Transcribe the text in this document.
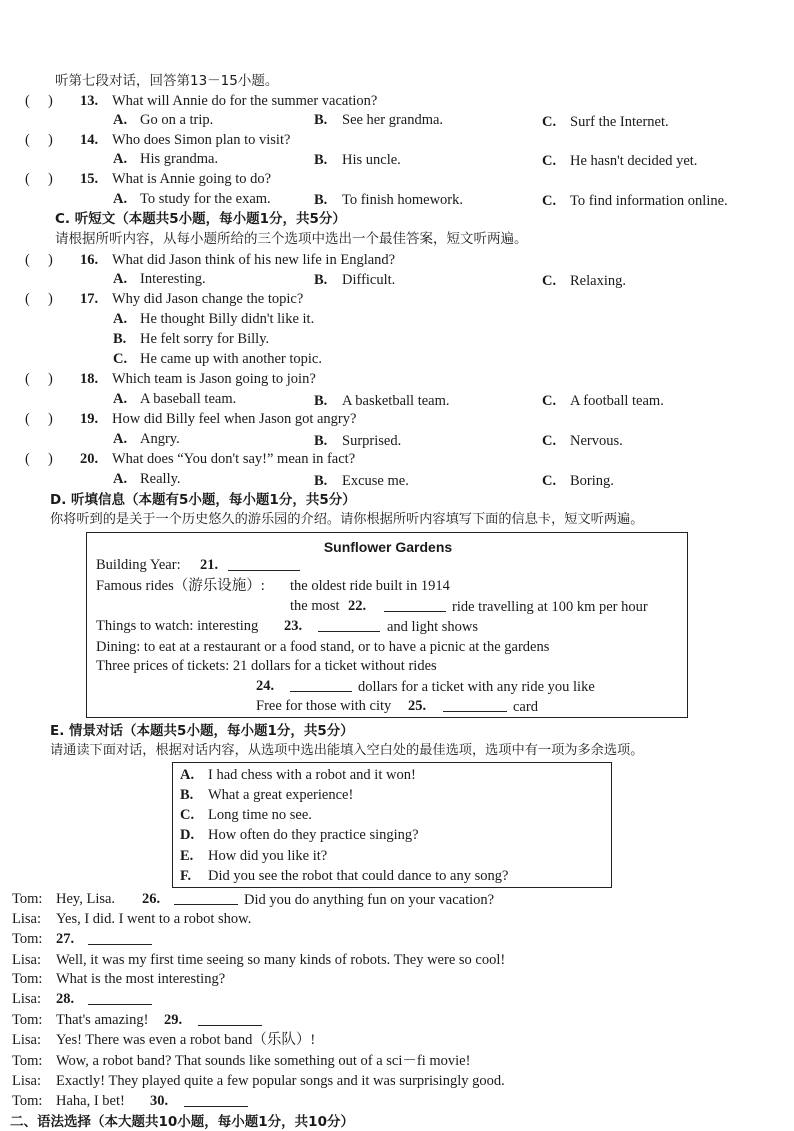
听第七段对话，回答第13－15小题。
(     ) 13. What will Annie do for the summer vacation?
A. Go on a trip.	B. See her grandma.	C. Surf the Internet.
(     ) 14. Who does Simon plan to visit?
A. His grandma.	B. His uncle.	C. He hasn't decided yet.
(     ) 15. What is Annie going to do?
A. To study for the exam.	B. To finish homework.	C. To find information online.
C. 听短文（本题共5小题，每小题1分，共5分）
请根据所听内容，从每小题所给的三个选项中选出一个最佳答案，短文听两遍。
(     ) 16. What did Jason think of his new life in England?
A. Interesting.	B. Difficult.	C. Relaxing.
(     ) 17. Why did Jason change the topic?
A. He thought Billy didn't like it.
B. He felt sorry for Billy.
C. He came up with another topic.
(     ) 18. Which team is Jason going to join?
A. A baseball team.	B. A basketball team.	C. A football team.
(     ) 19. How did Billy feel when Jason got angry?
A. Angry.	B. Surprised.	C. Nervous.
(     ) 20. What does “You don't say!” mean in fact?
A. Really.	B. Excuse me.	C. Boring.
D. 听填信息（本题有5小题，每小题1分，共5分）
你将听到的是关于一个历史悠久的游乐园的介绍。请你根据所听内容填写下面的信息卡，短文听两遍。
Sunflower Gardens
Building Year: 21.
Famous rides（游乐设施）: the oldest ride built in 1914
the most 22.	ride travelling at 100 km per hour
Things to watch: interesting 23.	and light shows
Dining: to eat at a restaurant or a food stand, or to have a picnic at the gardens
Three prices of tickets: 21 dollars for a ticket without rides
24.	dollars for a ticket with any ride you like
Free for those with city 25.	card
E. 情景对话（本题共5小题，每小题1分，共5分）
请通读下面对话，根据对话内容，从选项中选出能填入空白处的最佳选项，选项中有一项为多余选项。
A. I had chess with a robot and it won!
B. What a great experience!
C. Long time no see.
D. How often do they practice singing?
E. How did you like it?
F. Did you see the robot that could dance to any song?
Tom: Hey, Lisa. 26.	Did you do anything fun on your vacation?
Lisa: Yes, I did. I went to a robot show.
Tom: 27.
Lisa: Well, it was my first time seeing so many kinds of robots. They were so cool!
Tom: What is the most interesting?
Lisa: 28.
Tom: That's amazing! 29.
Lisa: Yes! There was even a robot band（乐队）!
Tom: Wow, a robot band? That sounds like something out of a sci－fi movie!
Lisa: Exactly! They played quite a few popular songs and it was surprisingly good.
Tom: Haha, I bet! 30.
二、语法选择（本大题共10小题，每小题1分，共10分）
